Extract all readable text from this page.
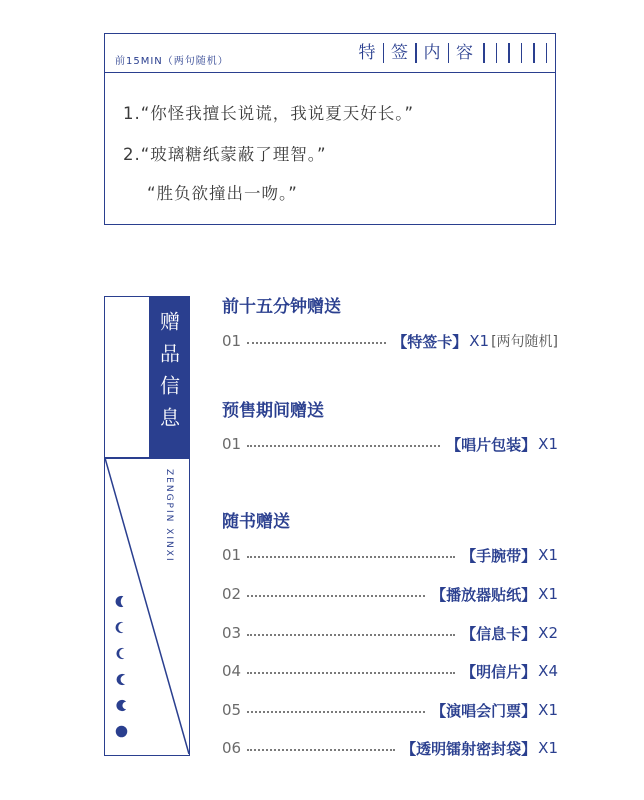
前15MIN（两句随机）	特 签 内 容
1.“你怪我擅长说谎，我说夏天好长。”
2.“玻璃糖纸蒙蔽了理智。”
“胜负欲撞出一吻。”
赠品信息
ZENGPIN XINXI
前十五分钟赠送
01	【特签卡】 X1 [两句随机]
预售期间赠送
01	【唱片包装】 X1
随书赠送
01	【手腕带】 X1
02	【播放器贴纸】 X1
03	【信息卡】 X2
04	【明信片】 X4
05	【演唱会门票】 X1
06	【透明镭射密封袋】 X1
